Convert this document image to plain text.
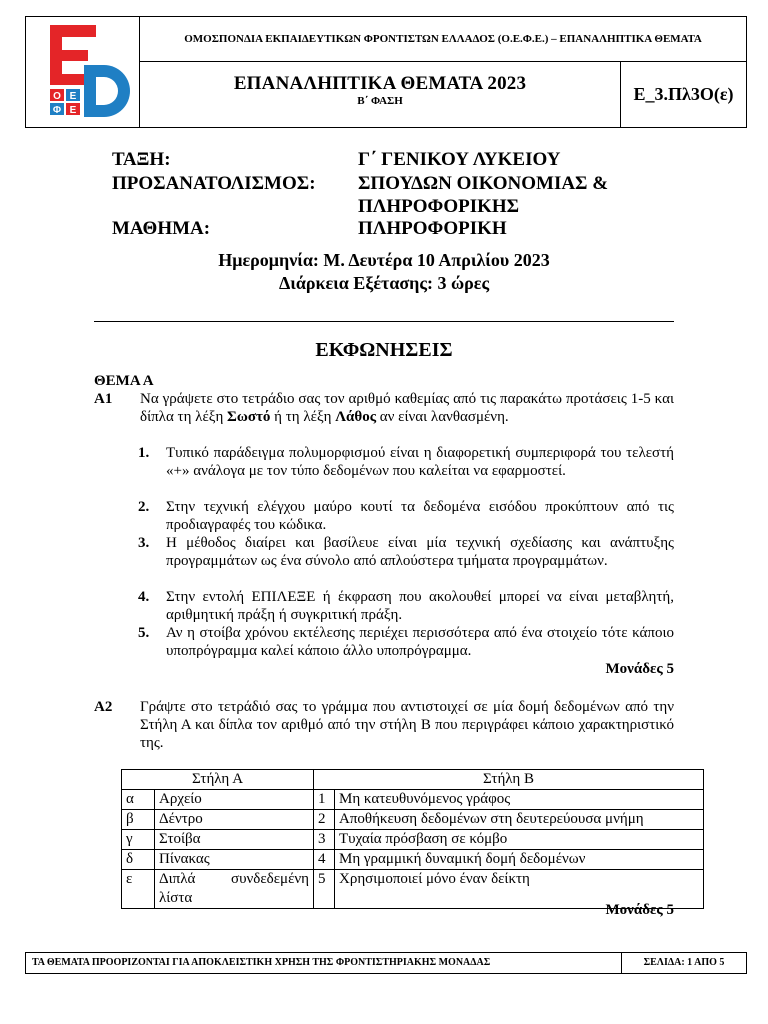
Ο Ε
Φ Ε
ΟΜΟΣΠΟΝΔΙΑ ΕΚΠΑΙΔΕΥΤΙΚΩΝ ΦΡΟΝΤΙΣΤΩΝ ΕΛΛΑΔΟΣ (Ο.Ε.Φ.Ε.) – ΕΠΑΝΑΛΗΠΤΙΚΑ ΘΕΜΑΤΑ
ΕΠΑΝΑΛΗΠΤΙΚΑ ΘΕΜΑΤΑ 2023
Β΄ ΦΑΣΗ	Ε_3.Πλ3Ο(ε)
ΤΑΞΗ:	Γ΄ ΓΕΝΙΚΟΥ ΛΥΚΕΙΟΥ
ΠΡΟΣΑΝΑΤΟΛΙΣΜΟΣ: ΣΠΟΥΔΩΝ ΟΙΚΟΝΟΜΙΑΣ &
ΠΛΗΡΟΦΟΡΙΚΗΣ
ΜΑΘΗΜΑ:	ΠΛΗΡΟΦΟΡΙΚΗ
Ημερομηνία: Μ. Δευτέρα 10 Απριλίου 2023
Διάρκεια Εξέτασης: 3 ώρες
ΕΚΦΩΝΗΣΕΙΣ
ΘΕΜΑ Α
Α1 Να γράψετε στο τετράδιο σας τον αριθμό καθεμίας από τις παρακάτω προτάσεις 1-5 και δίπλα τη λέξη Σωστό ή τη λέξη Λάθος αν είναι λανθασμένη.
1. Τυπικό παράδειγμα πολυμορφισμού είναι η διαφορετική συμπεριφορά του τελεστή «+» ανάλογα με τον τύπο δεδομένων που καλείται να εφαρμοστεί.
2. Στην τεχνική ελέγχου μαύρο κουτί τα δεδομένα εισόδου προκύπτουν από τις προδιαγραφές του κώδικα.
3. Η μέθοδος διαίρει και βασίλευε είναι μία τεχνική σχεδίασης και ανάπτυξης προγραμμάτων ως ένα σύνολο από απλούστερα τμήματα προγραμμάτων.
4. Στην εντολή ΕΠΙΛΕΞΕ ή έκφραση που ακολουθεί μπορεί να είναι μεταβλητή, αριθμητική πράξη ή συγκριτική πράξη.
5. Αν η στοίβα χρόνου εκτέλεσης περιέχει περισσότερα από ένα στοιχείο τότε κάποιο υποπρόγραμμα καλεί κάποιο άλλο υποπρόγραμμα.
Μονάδες 5
Α2 Γράψτε στο τετράδιό σας το γράμμα που αντιστοιχεί σε μία δομή δεδομένων από την Στήλη Α και δίπλα τον αριθμό από την στήλη Β που περιγράφει κάποιο χαρακτηριστικό της.
Στήλη Α		Στήλη Β	
α	Αρχείο	1	Μη κατευθυνόμενος γράφος
β	Δέντρο	2	Αποθήκευση δεδομένων στη δευτερεύουσα μνήμη
γ	Στοίβα	3	Τυχαία πρόσβαση σε κόμβο
δ	Πίνακας	4	Μη γραμμική δυναμική δομή δεδομένων
ε	Διπλά συνδεδεμένη λίστα	5	Χρησιμοποιεί μόνο έναν δείκτη
Μονάδες 5
ΤΑ ΘΕΜΑΤΑ ΠΡΟΟΡΙΖΟΝΤΑΙ ΓΙΑ ΑΠΟΚΛΕΙΣΤΙΚΗ ΧΡΗΣΗ ΤΗΣ ΦΡΟΝΤΙΣΤΗΡΙΑΚΗΣ ΜΟΝΑΔΑΣ	ΣΕΛΙΔΑ: 1 ΑΠΟ 5
